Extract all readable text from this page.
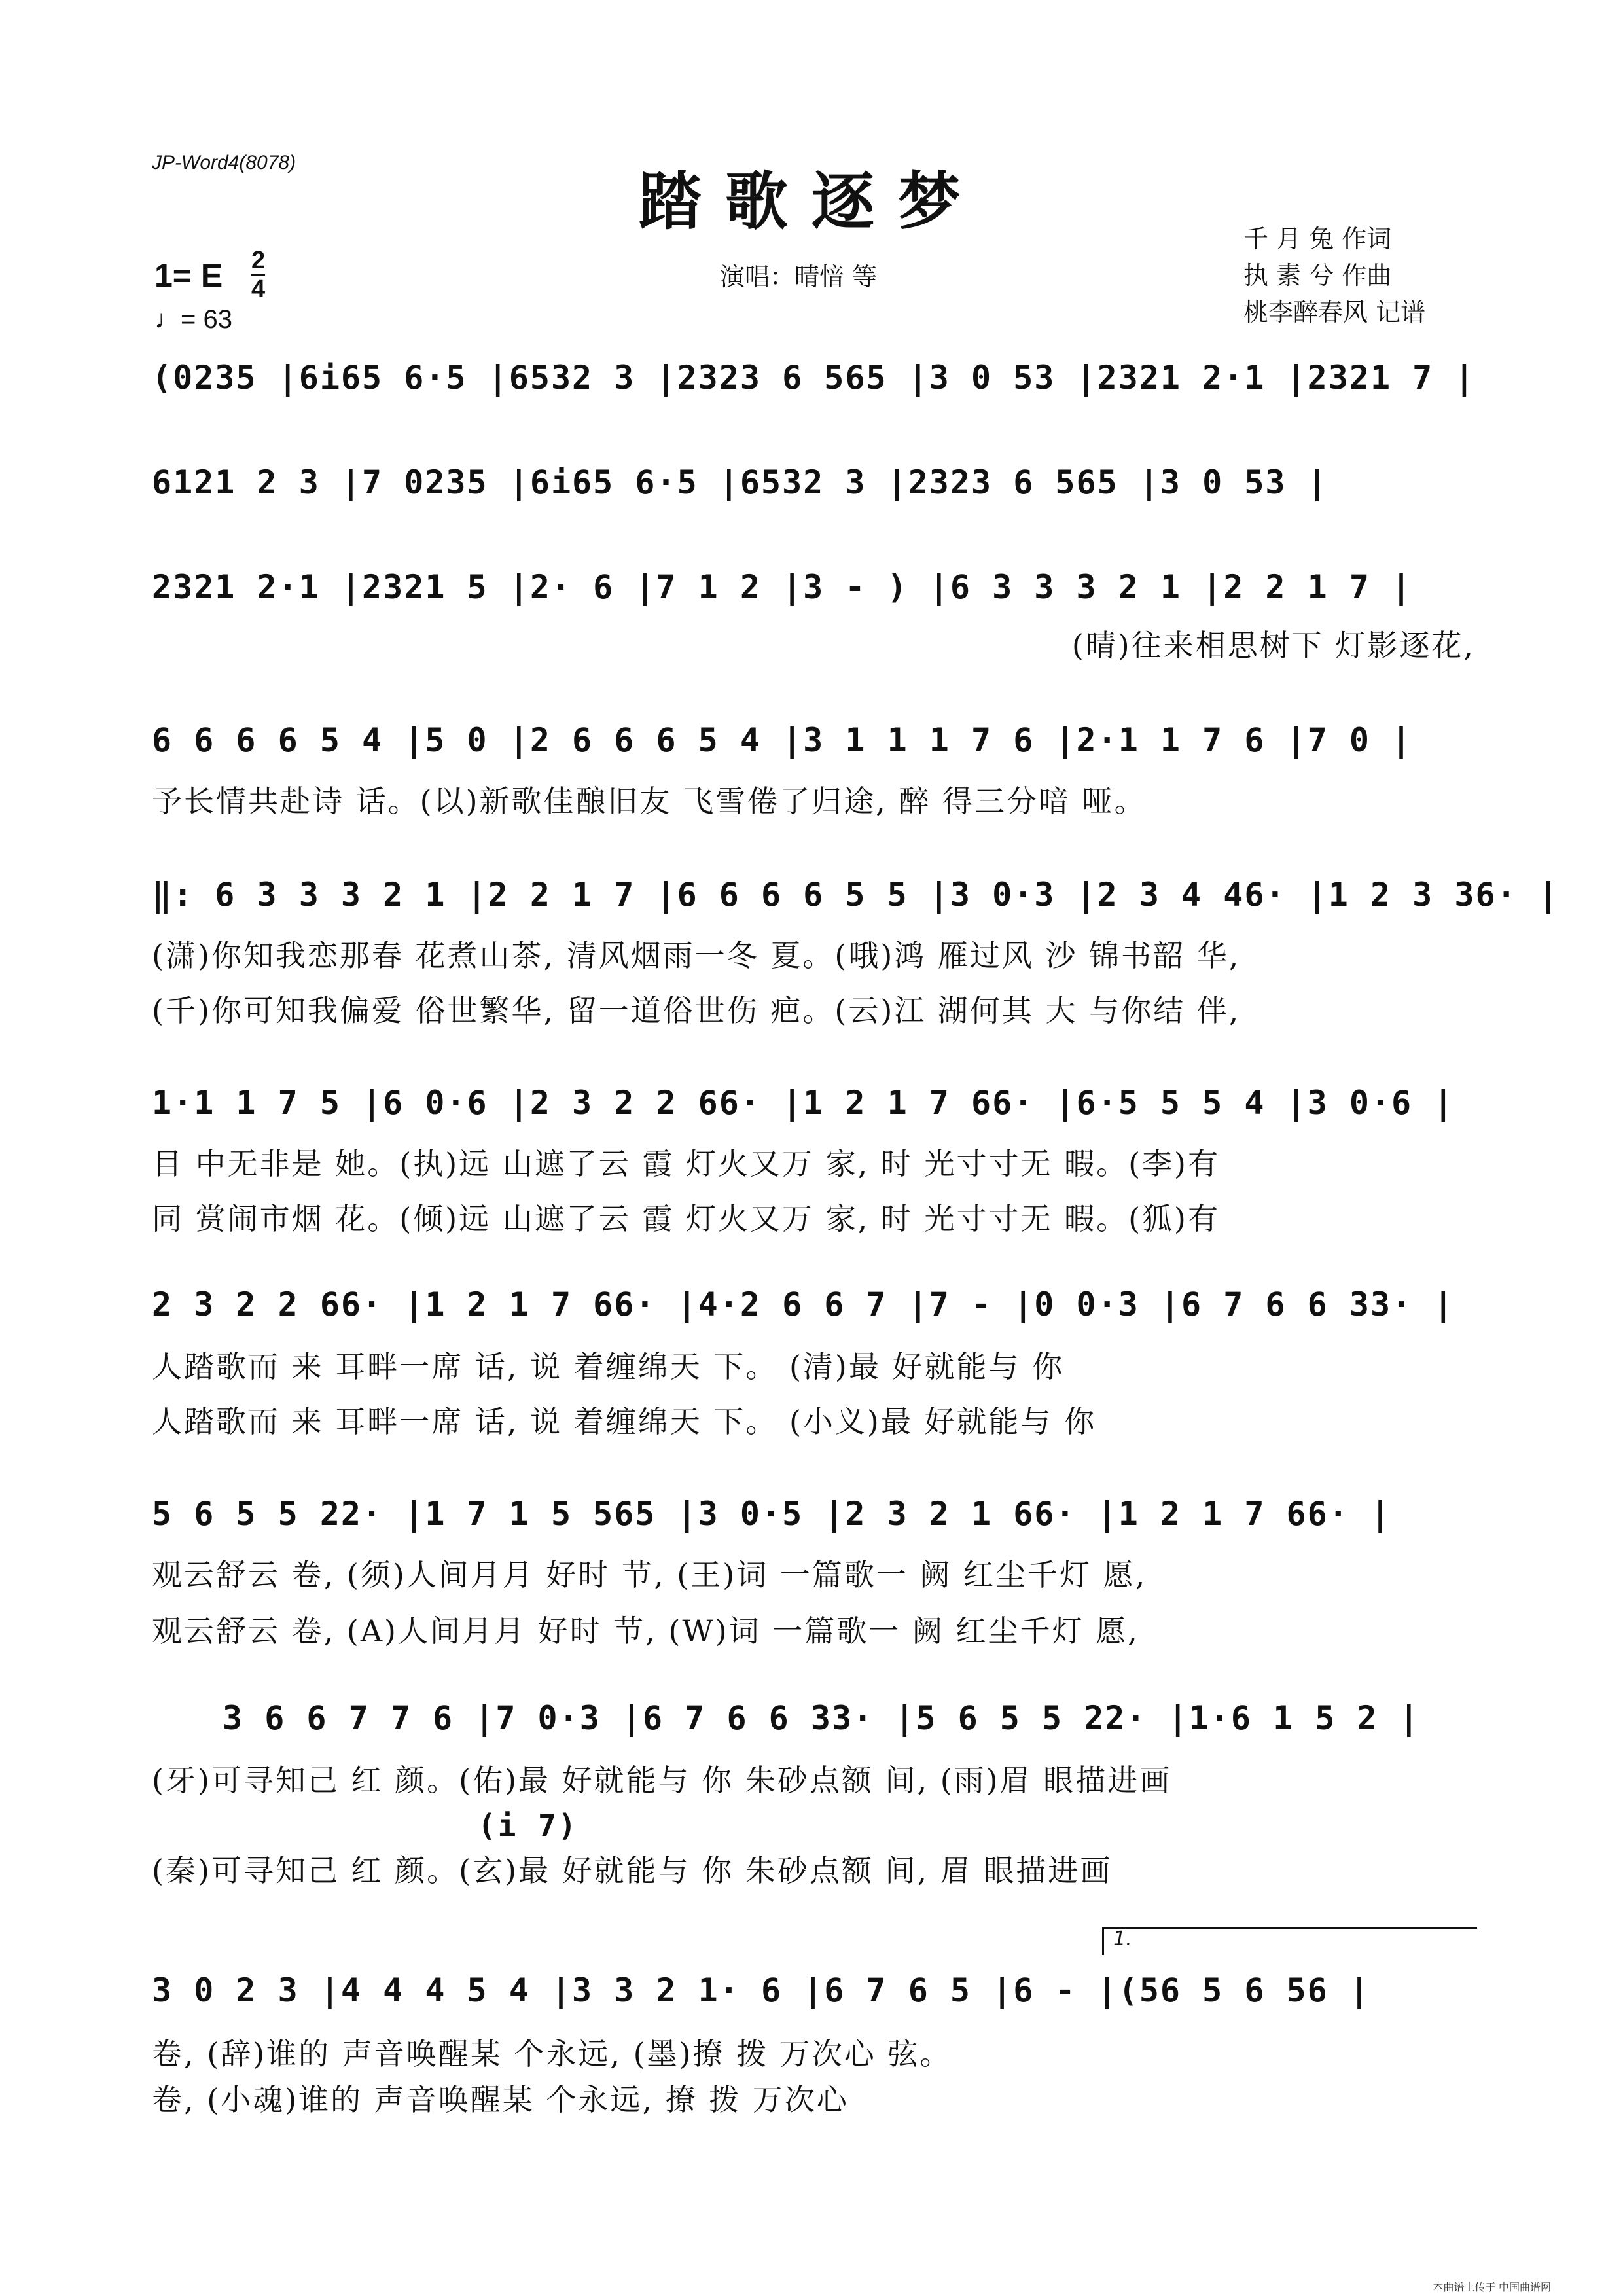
JP-Word4(8078)
踏歌逐梦
1= E 2
4
♩= 63
演唱：晴愔 等
千 月 兔 作词
执 素 兮 作曲
桃李醉春风 记谱
(0235 |6i65 6·5 |6532 3 |2323 6 565 |3 0 53 |2321 2·1 |2321 7 |
6121 2 3 |7 0235 |6i65 6·5 |6532 3 |2323 6 565 |3 0 53 |
2321 2·1 |2321 5 |2· 6 |7 1 2 |3 - ) |6 3 3 3 2 1 |2 2 1 7 |
(晴)往来相思树下 灯影逐花,
6 6 6 6 5 4 |5 0 |2 6 6 6 5 4 |3 1 1 1 7 6 |2·1 1 7 6 |7 0 |
予长情共赴诗 话。(以)新歌佳酿旧友 飞雪倦了归途, 醉 得三分喑 哑。
‖: 6 3 3 3 2 1 |2 2 1 7 |6 6 6 6 5 5 |3 0·3 |2 3 4 46· |1 2 3 36· |
(潇)你知我恋那春 花煮山茶, 清风烟雨一冬 夏。(哦)鸿 雁过风 沙 锦书韶 华,
(千)你可知我偏爱 俗世繁华, 留一道俗世伤 疤。(云)江 湖何其 大 与你结 伴,
1·1 1 7 5 |6 0·6 |2 3 2 2 66· |1 2 1 7 66· |6·5 5 5 4 |3 0·6 |
目 中无非是 她。(执)远 山遮了云 霞 灯火又万 家, 时 光寸寸无 暇。(李)有
同 赏闹市烟 花。(倾)远 山遮了云 霞 灯火又万 家, 时 光寸寸无 暇。(狐)有
2 3 2 2 66· |1 2 1 7 66· |4·2 6 6 7 |7 - |0 0·3 |6 7 6 6 33· |
人踏歌而 来 耳畔一席 话, 说 着缠绵天 下。 (清)最 好就能与 你
人踏歌而 来 耳畔一席 话, 说 着缠绵天 下。 (小义)最 好就能与 你
5 6 5 5 22· |1 7 1 5 565 |3 0·5 |2 3 2 1 66· |1 2 1 7 66· |
观云舒云 卷, (须)人间月月 好时 节, (王)词 一篇歌一 阙 红尘千灯 愿,
观云舒云 卷, (A)人间月月 好时 节, (W)词 一篇歌一 阙 红尘千灯 愿,
3 6 6 7 7 6 |7 0·3 |6 7 6 6 33· |5 6 5 5 22· |1·6 1 5 2 |
(牙)可寻知己 红 颜。(佑)最 好就能与 你 朱砂点额 间, (雨)眉 眼描进画
(i 7)
(秦)可寻知己 红 颜。(玄)最 好就能与 你 朱砂点额 间, 眉 眼描进画
1.
3 0 2 3 |4 4 4 5 4 |3 3 2 1· 6 |6 7 6 5 |6 - |(56 5 6 56 |
卷, (辞)谁的 声音唤醒某 个永远, (墨)撩 拨 万次心 弦。
卷, (小魂)谁的 声音唤醒某 个永远, 撩 拨 万次心
本曲谱上传于 中国曲谱网
